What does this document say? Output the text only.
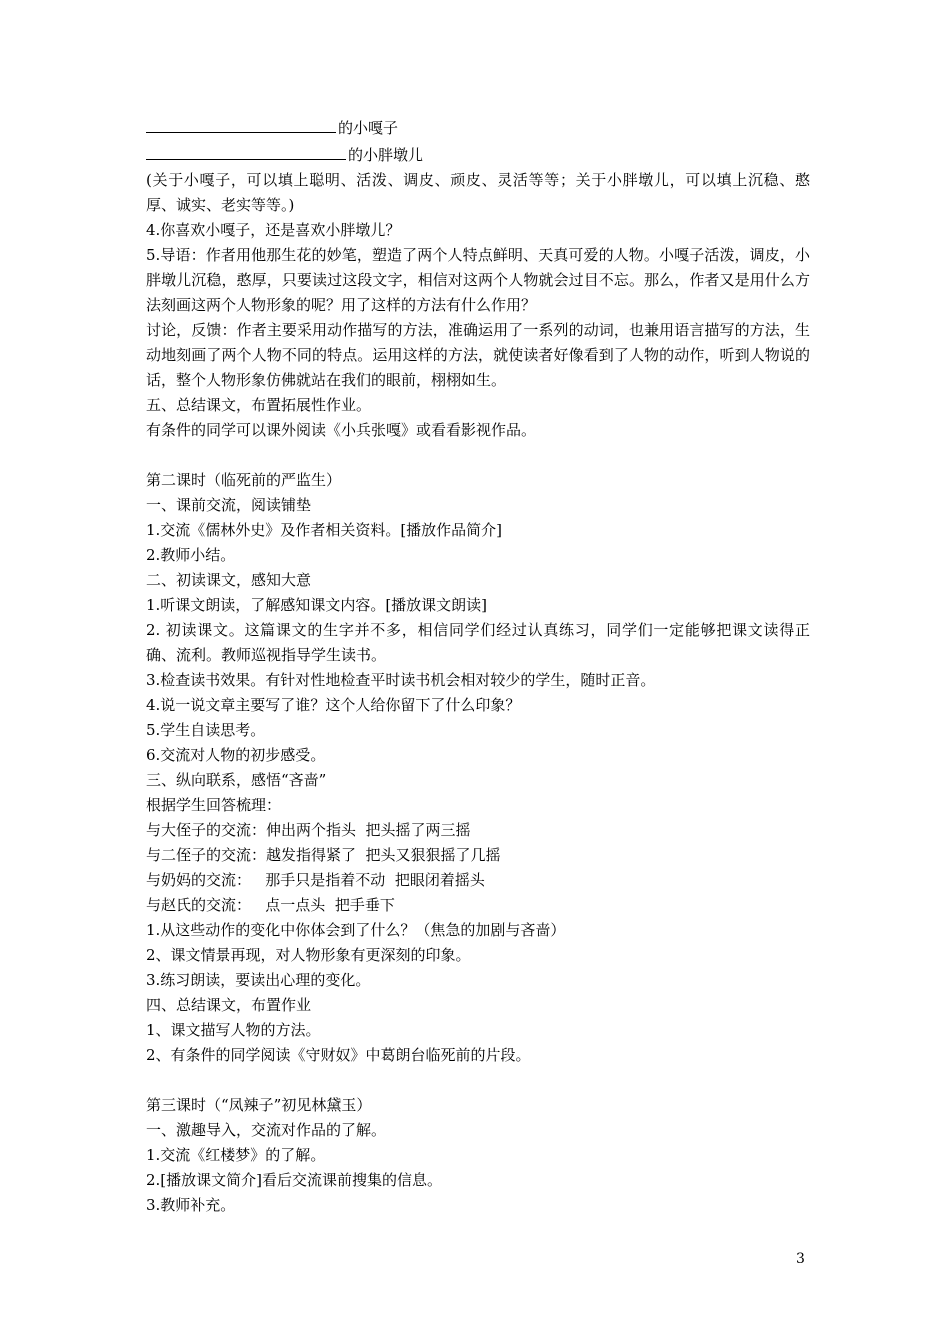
的小嘎子
的小胖墩儿

(关于小嘎子，可以填上聪明、活泼、调皮、顽皮、灵活等等；关于小胖墩儿，可以填上沉稳、憨厚、诚实、老实等等。)

4.你喜欢小嘎子，还是喜欢小胖墩儿？

5.导语：作者用他那生花的妙笔，塑造了两个人特点鲜明、天真可爱的人物。小嘎子活泼，调皮，小胖墩儿沉稳，憨厚，只要读过这段文字，相信对这两个人物就会过目不忘。那么，作者又是用什么方法刻画这两个人物形象的呢？用了这样的方法有什么作用？

讨论，反馈：作者主要采用动作描写的方法，准确运用了一系列的动词，也兼用语言描写的方法，生动地刻画了两个人物不同的特点。运用这样的方法，就使读者好像看到了人物的动作，听到人物说的话，整个人物形象仿佛就站在我们的眼前，栩栩如生。

五、总结课文，布置拓展性作业。

有条件的同学可以课外阅读《小兵张嘎》或看看影视作品。

第二课时（临死前的严监生）

一、课前交流，阅读铺垫

1.交流《儒林外史》及作者相关资料。[播放作品简介]

2.教师小结。

二、初读课文，感知大意

1.听课文朗读，了解感知课文内容。[播放课文朗读]

2. 初读课文。这篇课文的生字并不多，相信同学们经过认真练习，同学们一定能够把课文读得正确、流利。教师巡视指导学生读书。

3.检查读书效果。有针对性地检查平时读书机会相对较少的学生，随时正音。

4.说一说文章主要写了谁？这个人给你留下了什么印象？

5.学生自读思考。

6.交流对人物的初步感受。

三、纵向联系，感悟“吝啬”

根据学生回答梳理：

与大侄子的交流：伸出两个指头  把头摇了两三摇

与二侄子的交流：越发指得紧了  把头又狠狠摇了几摇

与奶妈的交流：   那手只是指着不动  把眼闭着摇头

与赵氏的交流：   点一点头  把手垂下

1.从这些动作的变化中你体会到了什么？（焦急的加剧与吝啬）

2、课文情景再现，对人物形象有更深刻的印象。

3.练习朗读，要读出心理的变化。

四、总结课文，布置作业

1、课文描写人物的方法。

2、有条件的同学阅读《守财奴》中葛朗台临死前的片段。

第三课时（“凤辣子”初见林黛玉）

一、激趣导入，交流对作品的了解。

1.交流《红楼梦》的了解。

2.[播放课文简介]看后交流课前搜集的信息。

3.教师补充。

3
